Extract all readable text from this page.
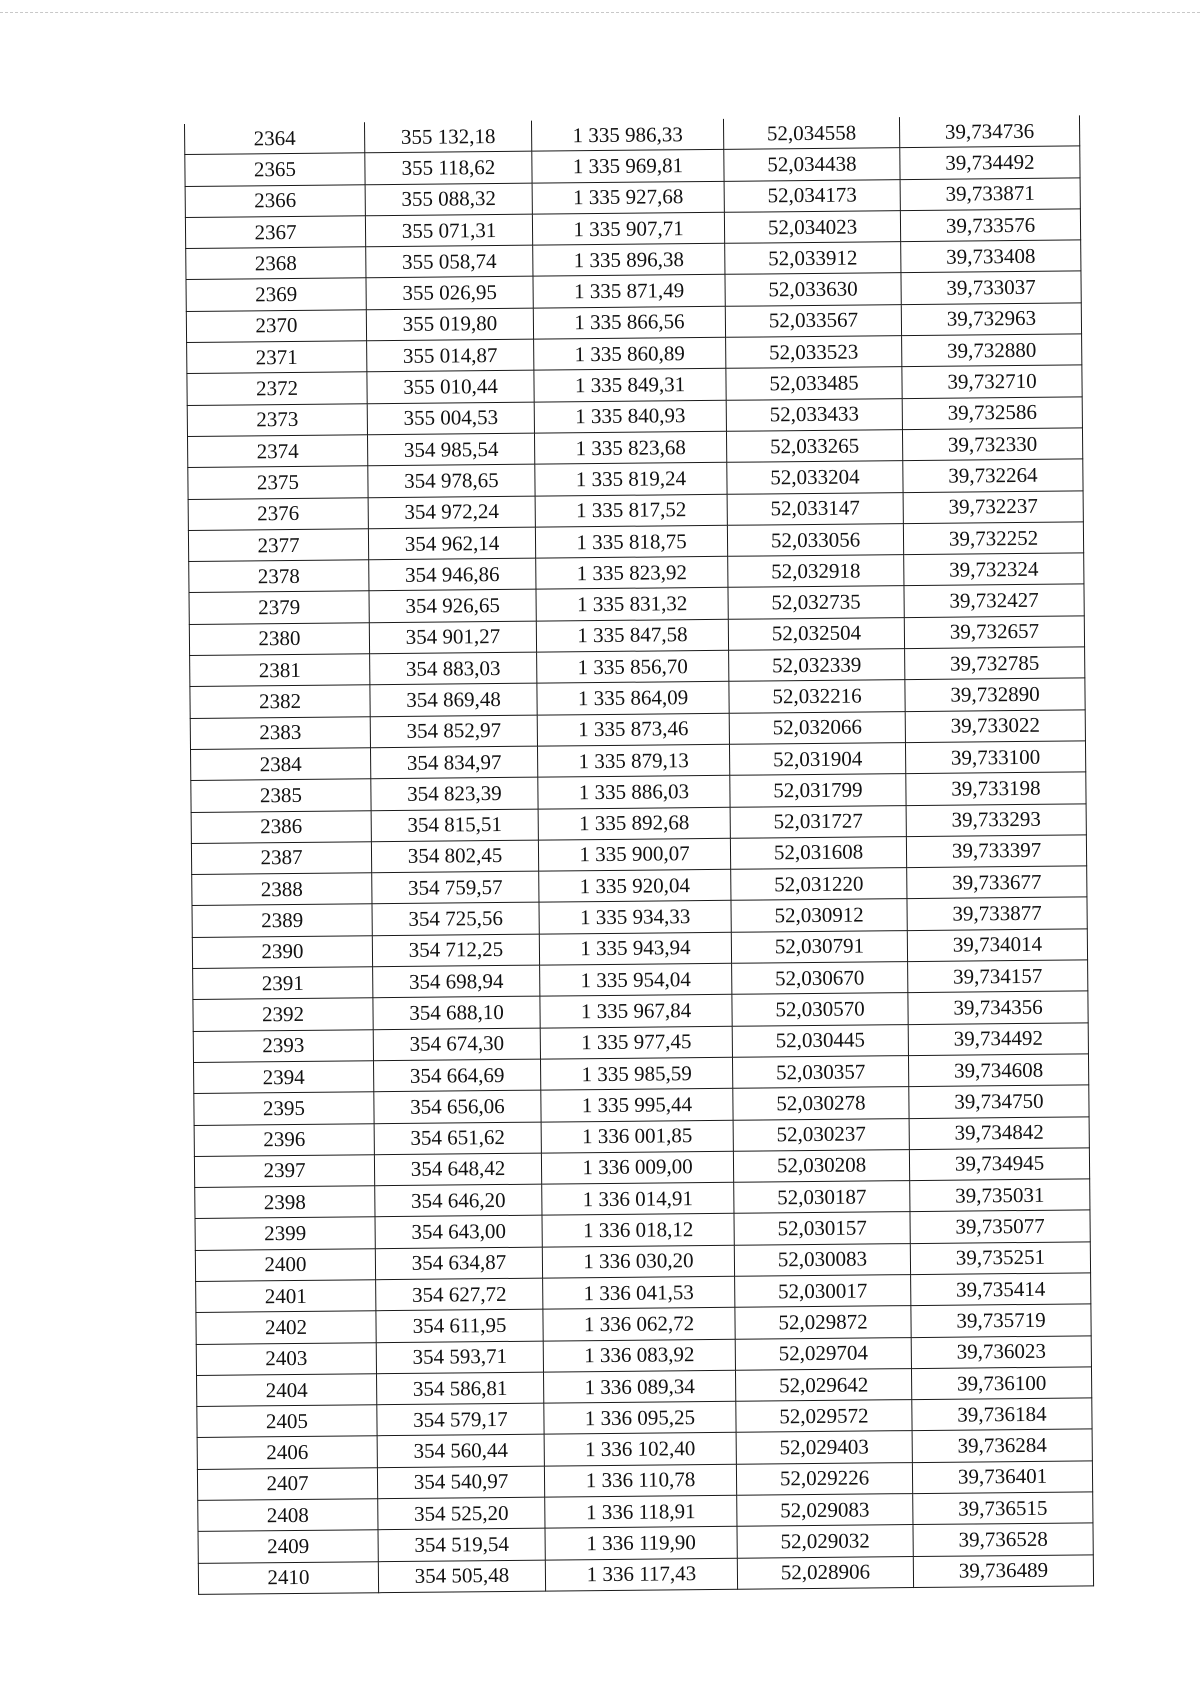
2364	355 132,18	1 335 986,33	52,034558	39,734736
2365	355 118,62	1 335 969,81	52,034438	39,734492
2366	355 088,32	1 335 927,68	52,034173	39,733871
2367	355 071,31	1 335 907,71	52,034023	39,733576
2368	355 058,74	1 335 896,38	52,033912	39,733408
2369	355 026,95	1 335 871,49	52,033630	39,733037
2370	355 019,80	1 335 866,56	52,033567	39,732963
2371	355 014,87	1 335 860,89	52,033523	39,732880
2372	355 010,44	1 335 849,31	52,033485	39,732710
2373	355 004,53	1 335 840,93	52,033433	39,732586
2374	354 985,54	1 335 823,68	52,033265	39,732330
2375	354 978,65	1 335 819,24	52,033204	39,732264
2376	354 972,24	1 335 817,52	52,033147	39,732237
2377	354 962,14	1 335 818,75	52,033056	39,732252
2378	354 946,86	1 335 823,92	52,032918	39,732324
2379	354 926,65	1 335 831,32	52,032735	39,732427
2380	354 901,27	1 335 847,58	52,032504	39,732657
2381	354 883,03	1 335 856,70	52,032339	39,732785
2382	354 869,48	1 335 864,09	52,032216	39,732890
2383	354 852,97	1 335 873,46	52,032066	39,733022
2384	354 834,97	1 335 879,13	52,031904	39,733100
2385	354 823,39	1 335 886,03	52,031799	39,733198
2386	354 815,51	1 335 892,68	52,031727	39,733293
2387	354 802,45	1 335 900,07	52,031608	39,733397
2388	354 759,57	1 335 920,04	52,031220	39,733677
2389	354 725,56	1 335 934,33	52,030912	39,733877
2390	354 712,25	1 335 943,94	52,030791	39,734014
2391	354 698,94	1 335 954,04	52,030670	39,734157
2392	354 688,10	1 335 967,84	52,030570	39,734356
2393	354 674,30	1 335 977,45	52,030445	39,734492
2394	354 664,69	1 335 985,59	52,030357	39,734608
2395	354 656,06	1 335 995,44	52,030278	39,734750
2396	354 651,62	1 336 001,85	52,030237	39,734842
2397	354 648,42	1 336 009,00	52,030208	39,734945
2398	354 646,20	1 336 014,91	52,030187	39,735031
2399	354 643,00	1 336 018,12	52,030157	39,735077
2400	354 634,87	1 336 030,20	52,030083	39,735251
2401	354 627,72	1 336 041,53	52,030017	39,735414
2402	354 611,95	1 336 062,72	52,029872	39,735719
2403	354 593,71	1 336 083,92	52,029704	39,736023
2404	354 586,81	1 336 089,34	52,029642	39,736100
2405	354 579,17	1 336 095,25	52,029572	39,736184
2406	354 560,44	1 336 102,40	52,029403	39,736284
2407	354 540,97	1 336 110,78	52,029226	39,736401
2408	354 525,20	1 336 118,91	52,029083	39,736515
2409	354 519,54	1 336 119,90	52,029032	39,736528
2410	354 505,48	1 336 117,43	52,028906	39,736489
